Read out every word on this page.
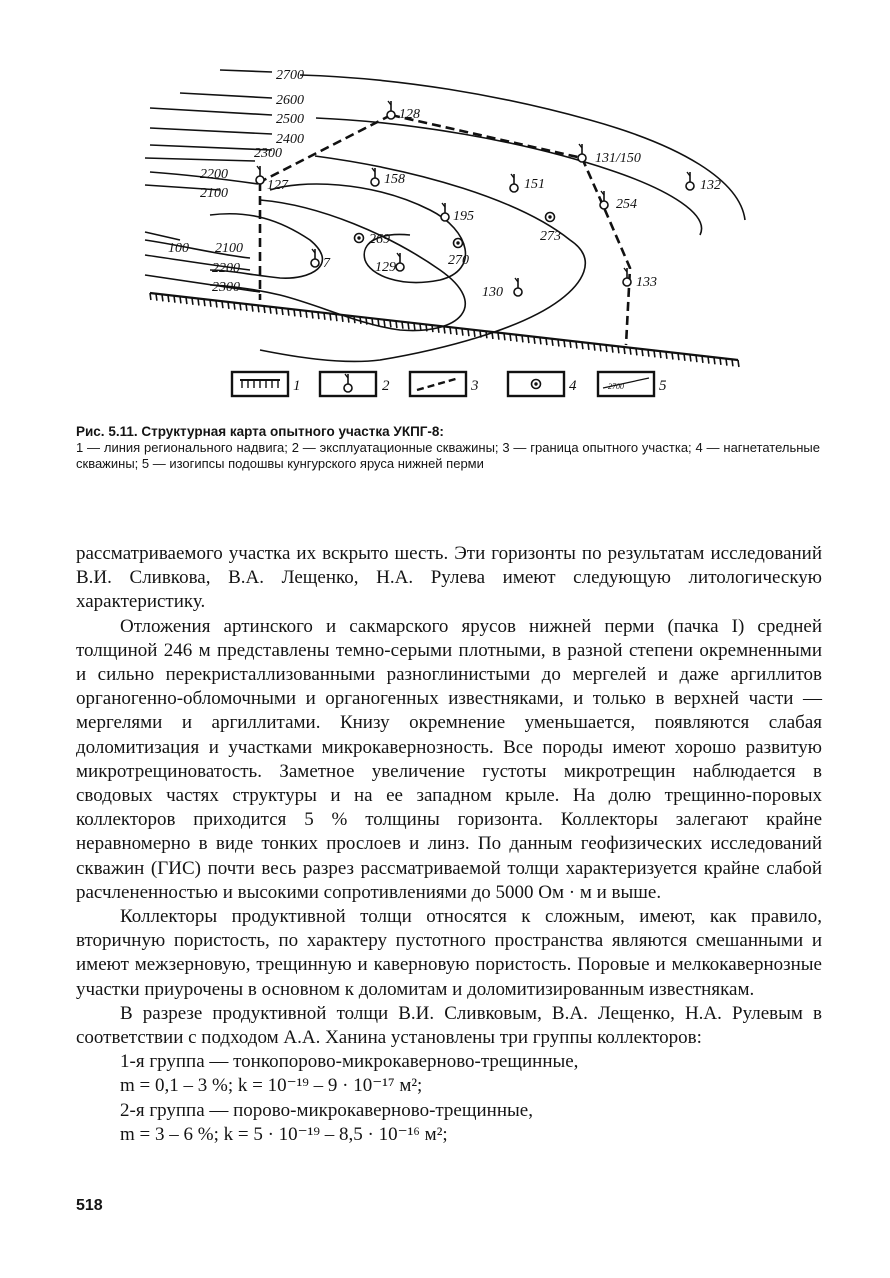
2700
2600
2500
2400
2300
2200
2100
100 2100
2200
2300
128
131/150
127	158	151	132
254
195
7	129
133
130
269
270
273
1	2	3	4	2700 5
Рис. 5.11. Структурная карта опытного участка УКПГ-8:
1 — линия регионального надвига; 2 — эксплуатационные скважины; 3 — граница опытного участка; 4 — нагнетательные скважины; 5 — изогипсы подошвы кунгурского яруса нижней перми

рассматриваемого участка их вскрыто шесть. Эти горизонты по результатам исследований В.И. Сливкова, В.А. Лещенко, Н.А. Рулева имеют следующую литологическую характеристику.

Отложения артинского и сакмарского ярусов нижней перми (пачка I) средней толщиной 246 м представлены темно-серыми плотными, в разной степени окремненными и сильно перекристаллизованными разноглинистыми до мергелей и даже аргиллитов органогенно-обломочными и органогенных известняками, и только в верхней части — мергелями и аргиллитами. Книзу окремнение уменьшается, появляются слабая доломитизация и участками микрокавернозность. Все породы имеют хорошо развитую микротрещиноватость. Заметное увеличение густоты микротрещин наблюдается в сводовых частях структуры и на ее западном крыле. На долю трещинно-поровых коллекторов приходится 5 % толщины горизонта. Коллекторы залегают крайне неравномерно в виде тонких прослоев и линз. По данным геофизических исследований скважин (ГИС) почти весь разрез рассматриваемой толщи характеризуется крайне слабой расчлененностью и высокими сопротивлениями до 5000 Ом · м и выше.

Коллекторы продуктивной толщи относятся к сложным, имеют, как правило, вторичную пористость, по характеру пустотного пространства являются смешанными и имеют межзерновую, трещинную и каверновую пористость. Поровые и мелкокавернозные участки приурочены в основном к доломитам и доломитизированным известнякам.

В разрезе продуктивной толщи В.И. Сливковым, В.А. Лещенко, Н.А. Рулевым в соответствии с подходом А.А. Ханина установлены три группы коллекторов:

1-я группа — тонкопорово-микрокаверново-трещинные,

m = 0,1 – 3 %; k = 10⁻¹⁹ – 9 · 10⁻¹⁷ м²;

2-я группа — порово-микрокаверново-трещинные,

m = 3 – 6 %; k = 5 · 10⁻¹⁹ – 8,5 · 10⁻¹⁶ м²;

518
